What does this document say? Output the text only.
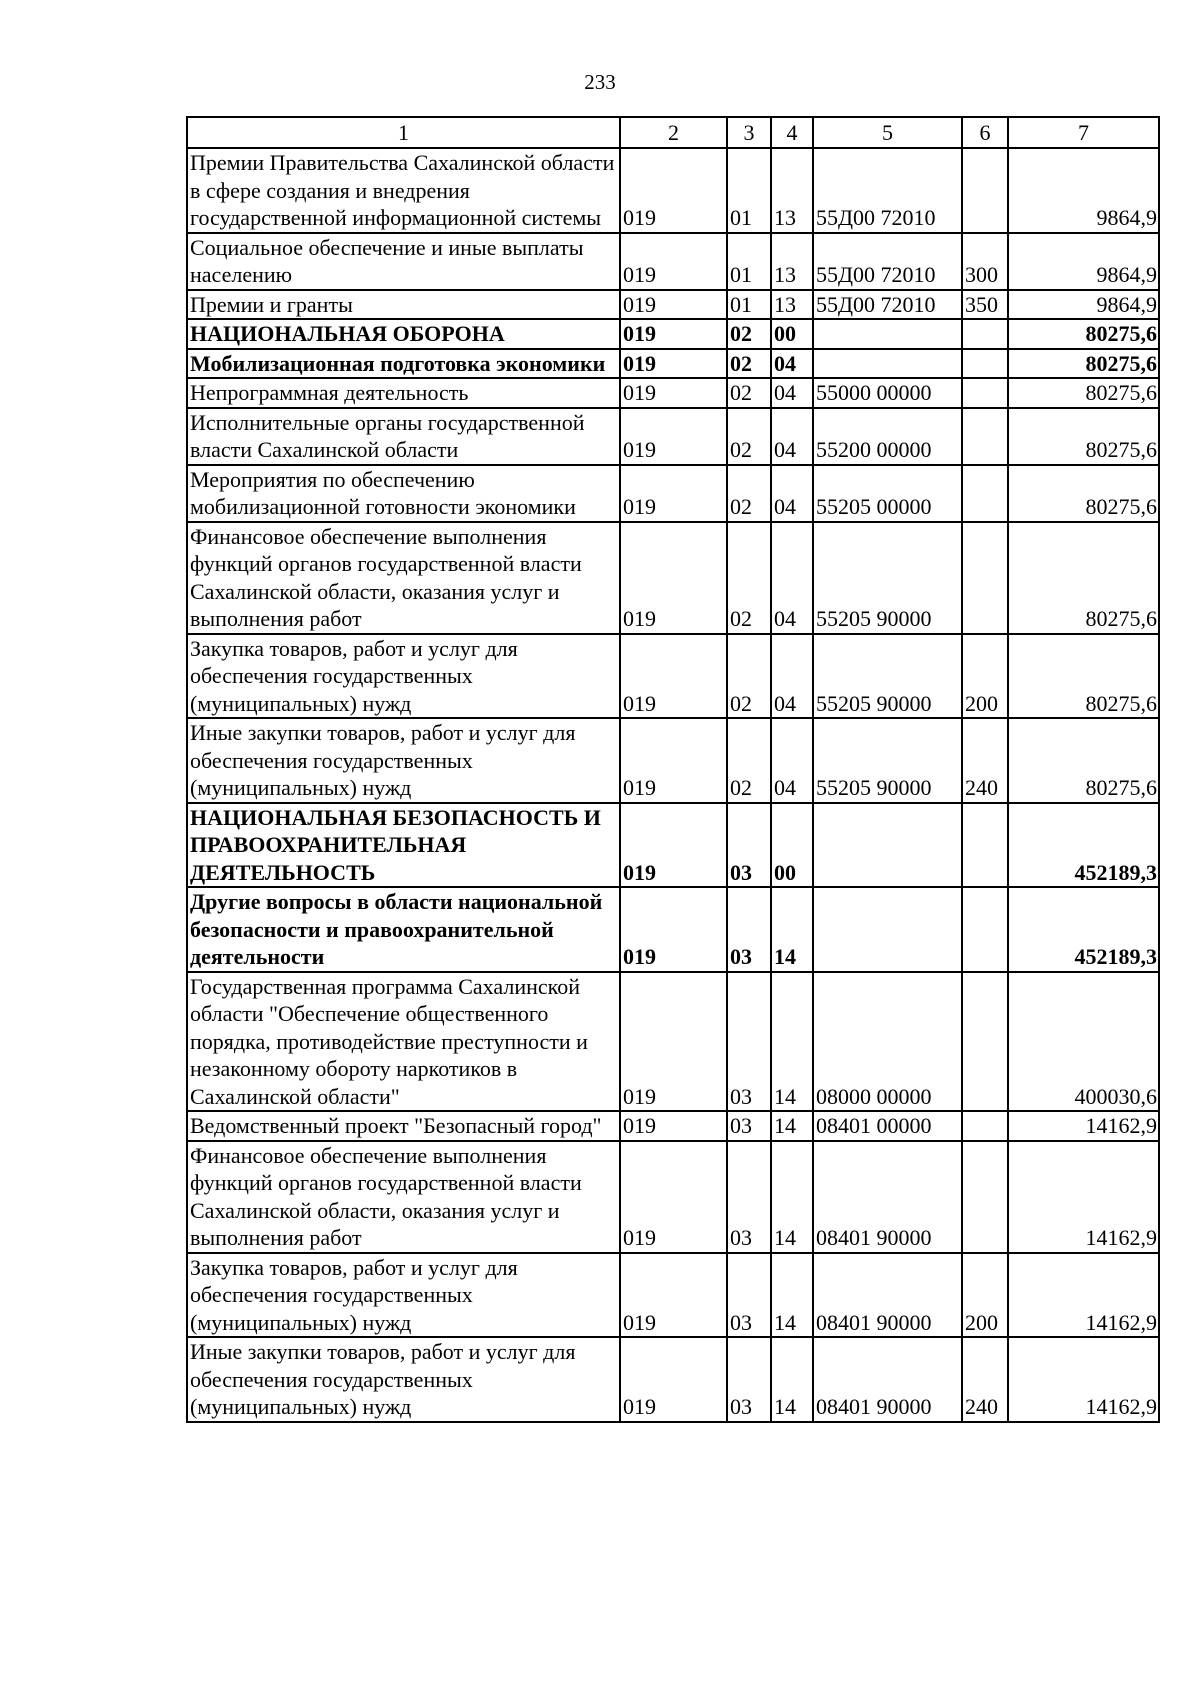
233
1	2	3	4	5	6	7
Премии Правительства Сахалинской области в сфере создания и внедрения государственной информационной системы	019	01	13	55Д00 72010		9864,9
Социальное обеспечение и иные выплаты населению	019	01	13	55Д00 72010	300	9864,9
Премии и гранты	019	01	13	55Д00 72010	350	9864,9
НАЦИОНАЛЬНАЯ ОБОРОНА	019	02	00			80275,6
Мобилизационная подготовка экономики	019	02	04			80275,6
Непрограммная деятельность	019	02	04	55000 00000		80275,6
Исполнительные органы государственной власти Сахалинской области	019	02	04	55200 00000		80275,6
Мероприятия по обеспечению мобилизационной готовности экономики	019	02	04	55205 00000		80275,6
Финансовое обеспечение выполнения функций органов государственной власти Сахалинской области, оказания услуг и выполнения работ	019	02	04	55205 90000		80275,6
Закупка товаров, работ и услуг для обеспечения государственных (муниципальных) нужд	019	02	04	55205 90000	200	80275,6
Иные закупки товаров, работ и услуг для обеспечения государственных (муниципальных) нужд	019	02	04	55205 90000	240	80275,6
НАЦИОНАЛЬНАЯ БЕЗОПАСНОСТЬ И ПРАВООХРАНИТЕЛЬНАЯ ДЕЯТЕЛЬНОСТЬ	019	03	00			452189,3
Другие вопросы в области национальной безопасности и правоохранительной деятельности	019	03	14			452189,3
Государственная программа Сахалинской области "Обеспечение общественного порядка, противодействие преступности и незаконному обороту наркотиков в Сахалинской области"	019	03	14	08000 00000		400030,6
Ведомственный проект "Безопасный город"	019	03	14	08401 00000		14162,9
Финансовое обеспечение выполнения функций органов государственной власти Сахалинской области, оказания услуг и выполнения работ	019	03	14	08401 90000		14162,9
Закупка товаров, работ и услуг для обеспечения государственных (муниципальных) нужд	019	03	14	08401 90000	200	14162,9
Иные закупки товаров, работ и услуг для обеспечения государственных (муниципальных) нужд	019	03	14	08401 90000	240	14162,9
